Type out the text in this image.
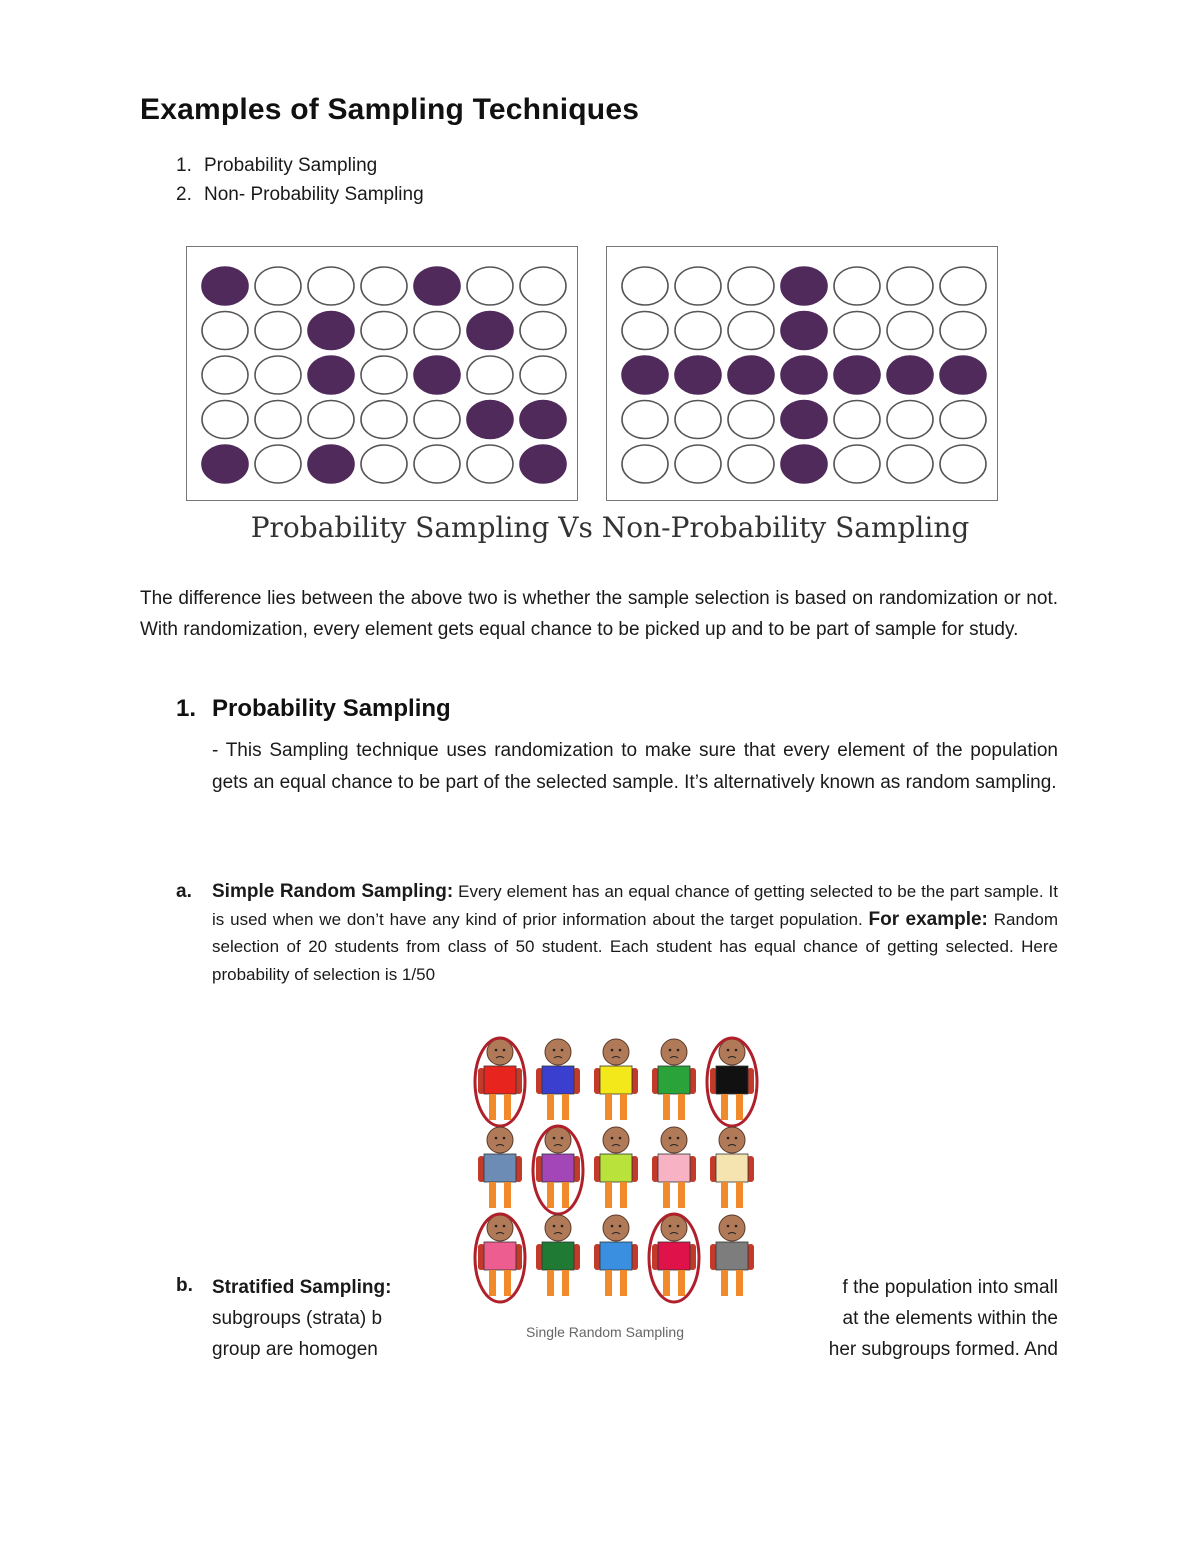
Examples of Sampling Techniques
1. Probability Sampling
2. Non- Probability Sampling
Probability Sampling Vs Non-Probability Sampling
The difference lies between the above two is whether the sample selection is based on randomization or not. With randomization, every element gets equal chance to be picked up and to be part of sample for study.
1. Probability Sampling
- This Sampling technique uses randomization to make sure that every element of the population gets an equal chance to be part of the selected sample. It’s alternatively known as random sampling.
a. Simple Random Sampling: Every element has an equal chance of getting selected to be the part sample. It is used when we don’t have any kind of prior information about the target population. For example: Random selection of 20 students from class of 50 student. Each student has equal chance of getting selected. Here probability of selection is 1/50
b. Stratified Sampling:
subgroups (strata) b
group are homogen
f the population into small
at the elements within the
her subgroups formed. And
Single Random Sampling
